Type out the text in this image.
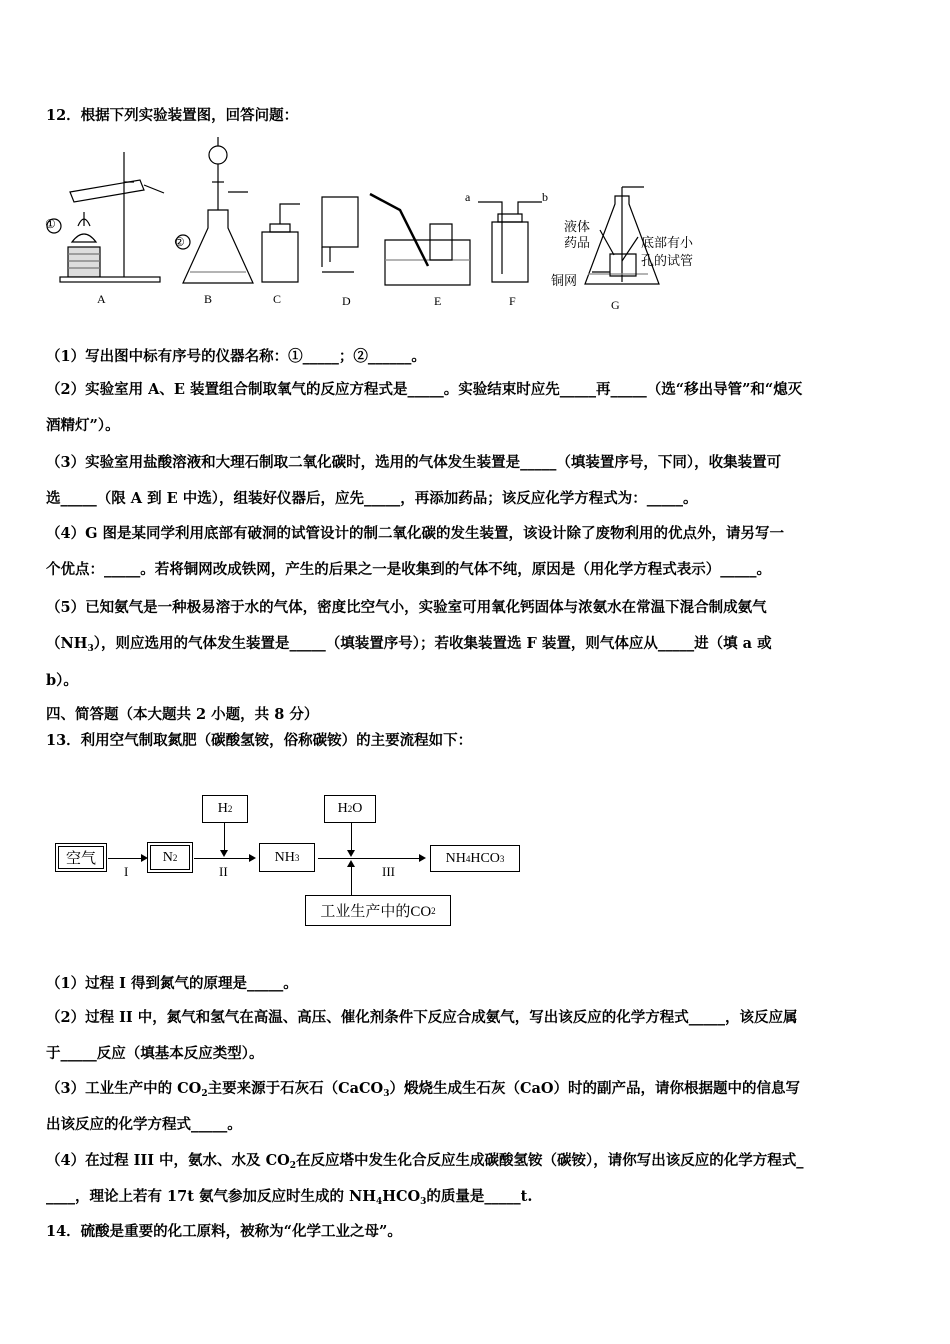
12．根据下列实验装置图，回答问题：
①
②
A	B	C	D	E	F	G
a	b
液体
药品	底部有小
孔的试管
铜网
（1）写出图中标有序号的仪器名称：①_____；②______。
（2）实验室用 A、E 装置组合制取氧气的反应方程式是_____。实验结束时应先_____再_____（选“移出导管”和“熄灭
酒精灯”）。
（3）实验室用盐酸溶液和大理石制取二氧化碳时，选用的气体发生装置是_____（填装置序号，下同），收集装置可
选_____（限 A 到 E 中选），组装好仪器后，应先_____，再添加药品；该反应化学方程式为：_____。
（4）G 图是某同学利用底部有破洞的试管设计的制二氧化碳的发生装置，该设计除了废物利用的优点外，请另写一
个优点：_____。若将铜网改成铁网，产生的后果之一是收集到的气体不纯，原因是（用化学方程式表示）_____。
（5）已知氨气是一种极易溶于水的气体，密度比空气小，实验室可用氧化钙固体与浓氨水在常温下混合制成氨气
$(NH_3)$，则应选用的气体发生装置是_____（填装置序号）；若收集装置选 F 装置，则气体应从_____进（填 a 或
b）。
四、简答题（本大题共 2 小题，共 8 分）
13．利用空气制取氮肥（碳酸氢铵，俗称碳铵）的主要流程如下：
空气
I
N 2
II
H 2
NH 3
III
H 2 O
NH 4 HCO 3
工业生产中的CO 2
（1）过程 I 得到氮气的原理是_____。
（2）过程 II 中，氮气和氢气在高温、高压、催化剂条件下反应合成氨气，写出该反应的化学方程式_____，该反应属
于_____反应（填基本反应类型）。
（3）工业生产中的 $CO_2$主要来源于石灰石（CaCO$_3$）煅烧生成生石灰（CaO）时的副产品，请你根据题中的信息写
出该反应的化学方程式_____。
（4）在过程 III 中，氨水、水及 $CO_2$在反应塔中发生化合反应生成碳酸氢铵（碳铵），请你写出该反应的化学方程式_
____，理论上若有 17t 氨气参加反应时生成的 $NH_4HCO_3$的质量是_____t.
14．硫酸是重要的化工原料，被称为“化学工业之母”。
